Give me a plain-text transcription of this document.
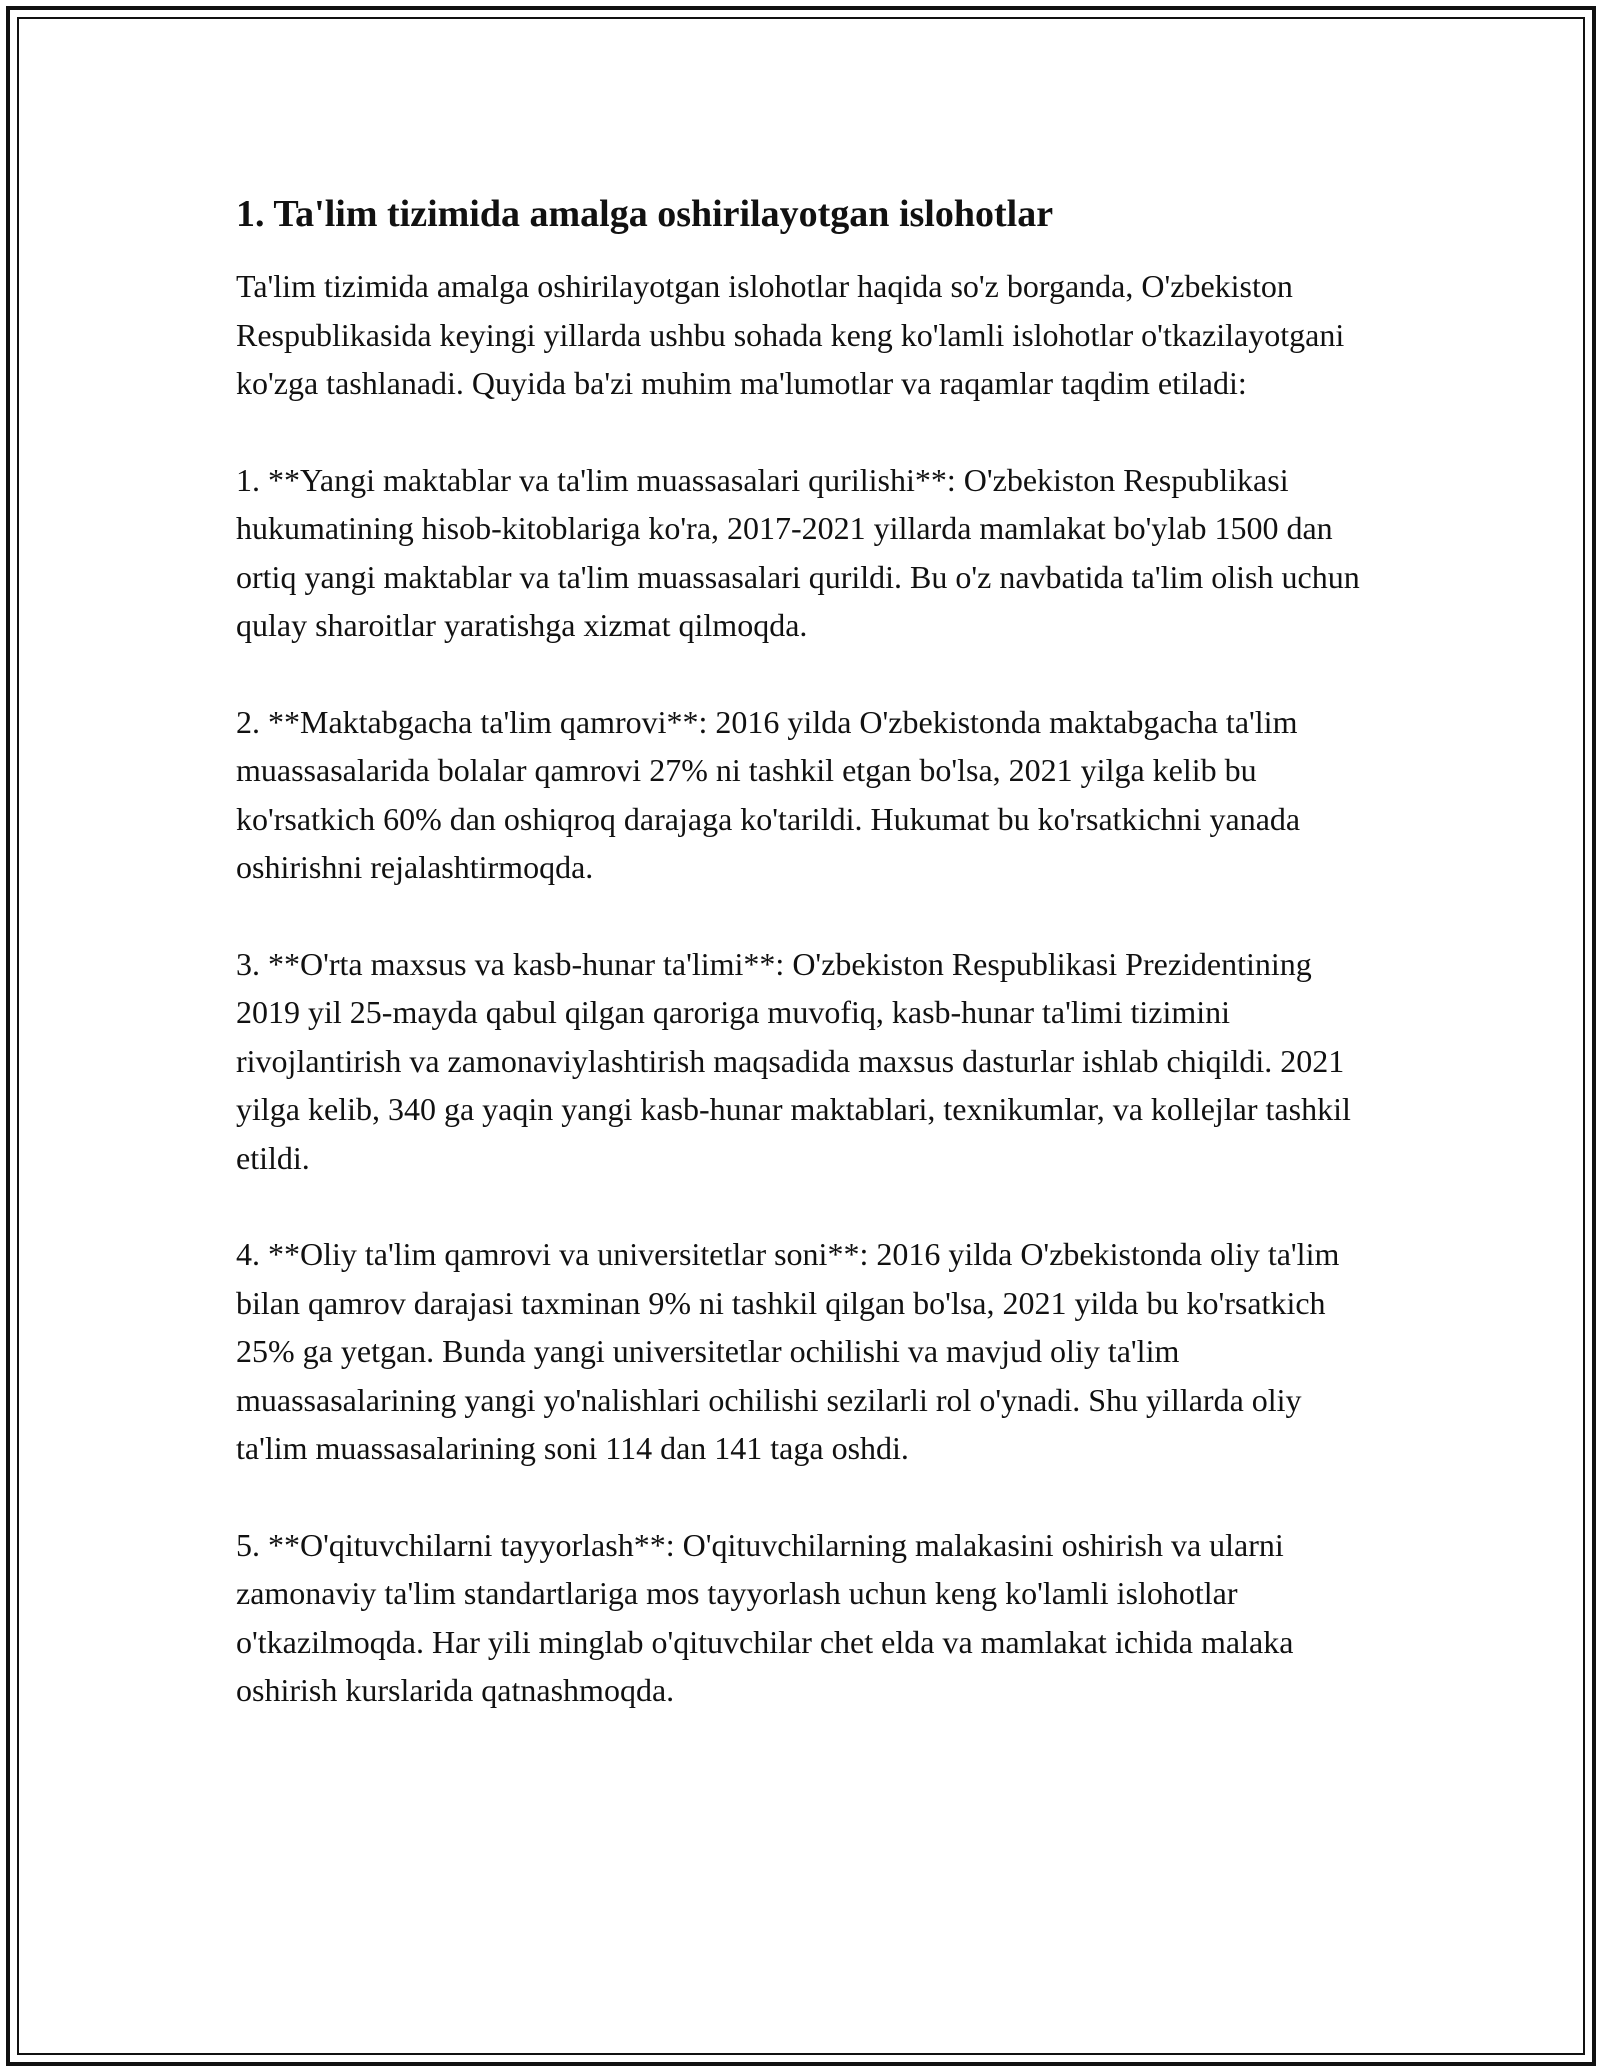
1. Ta'lim tizimida amalga oshirilayotgan islohotlar

Ta'lim tizimida amalga oshirilayotgan islohotlar haqida so'z borganda, O'zbekiston Respublikasida keyingi yillarda ushbu sohada keng ko'lamli islohotlar o'tkazilayotgani ko'zga tashlanadi. Quyida ba'zi muhim ma'lumotlar va raqamlar taqdim etiladi:

1. **Yangi maktablar va ta'lim muassasalari qurilishi**: O'zbekiston Respublikasi hukumatining hisob-kitoblariga ko'ra, 2017-2021 yillarda mamlakat bo'ylab 1500 dan ortiq yangi maktablar va ta'lim muassasalari qurildi. Bu o'z navbatida ta'lim olish uchun qulay sharoitlar yaratishga xizmat qilmoqda.

2. **Maktabgacha ta'lim qamrovi**: 2016 yilda O'zbekistonda maktabgacha ta'lim muassasalarida bolalar qamrovi 27% ni tashkil etgan bo'lsa, 2021 yilga kelib bu ko'rsatkich 60% dan oshiqroq darajaga ko'tarildi. Hukumat bu ko'rsatkichni yanada oshirishni rejalashtirmoqda.

3. **O'rta maxsus va kasb-hunar ta'limi**: O'zbekiston Respublikasi Prezidentining 2019 yil 25-mayda qabul qilgan qaroriga muvofiq, kasb-hunar ta'limi tizimini rivojlantirish va zamonaviylashtirish maqsadida maxsus dasturlar ishlab chiqildi. 2021 yilga kelib, 340 ga yaqin yangi kasb-hunar maktablari, texnikumlar, va kollejlar tashkil etildi.

4. **Oliy ta'lim qamrovi va universitetlar soni**: 2016 yilda O'zbekistonda oliy ta'lim bilan qamrov darajasi taxminan 9% ni tashkil qilgan bo'lsa, 2021 yilda bu ko'rsatkich 25% ga yetgan. Bunda yangi universitetlar ochilishi va mavjud oliy ta'lim muassasalarining yangi yo'nalishlari ochilishi sezilarli rol o'ynadi. Shu yillarda oliy ta'lim muassasalarining soni 114 dan 141 taga oshdi.

5. **O'qituvchilarni tayyorlash**: O'qituvchilarning malakasini oshirish va ularni zamonaviy ta'lim standartlariga mos tayyorlash uchun keng ko'lamli islohotlar o'tkazilmoqda. Har yili minglab o'qituvchilar chet elda va mamlakat ichida malaka oshirish kurslarida qatnashmoqda.
